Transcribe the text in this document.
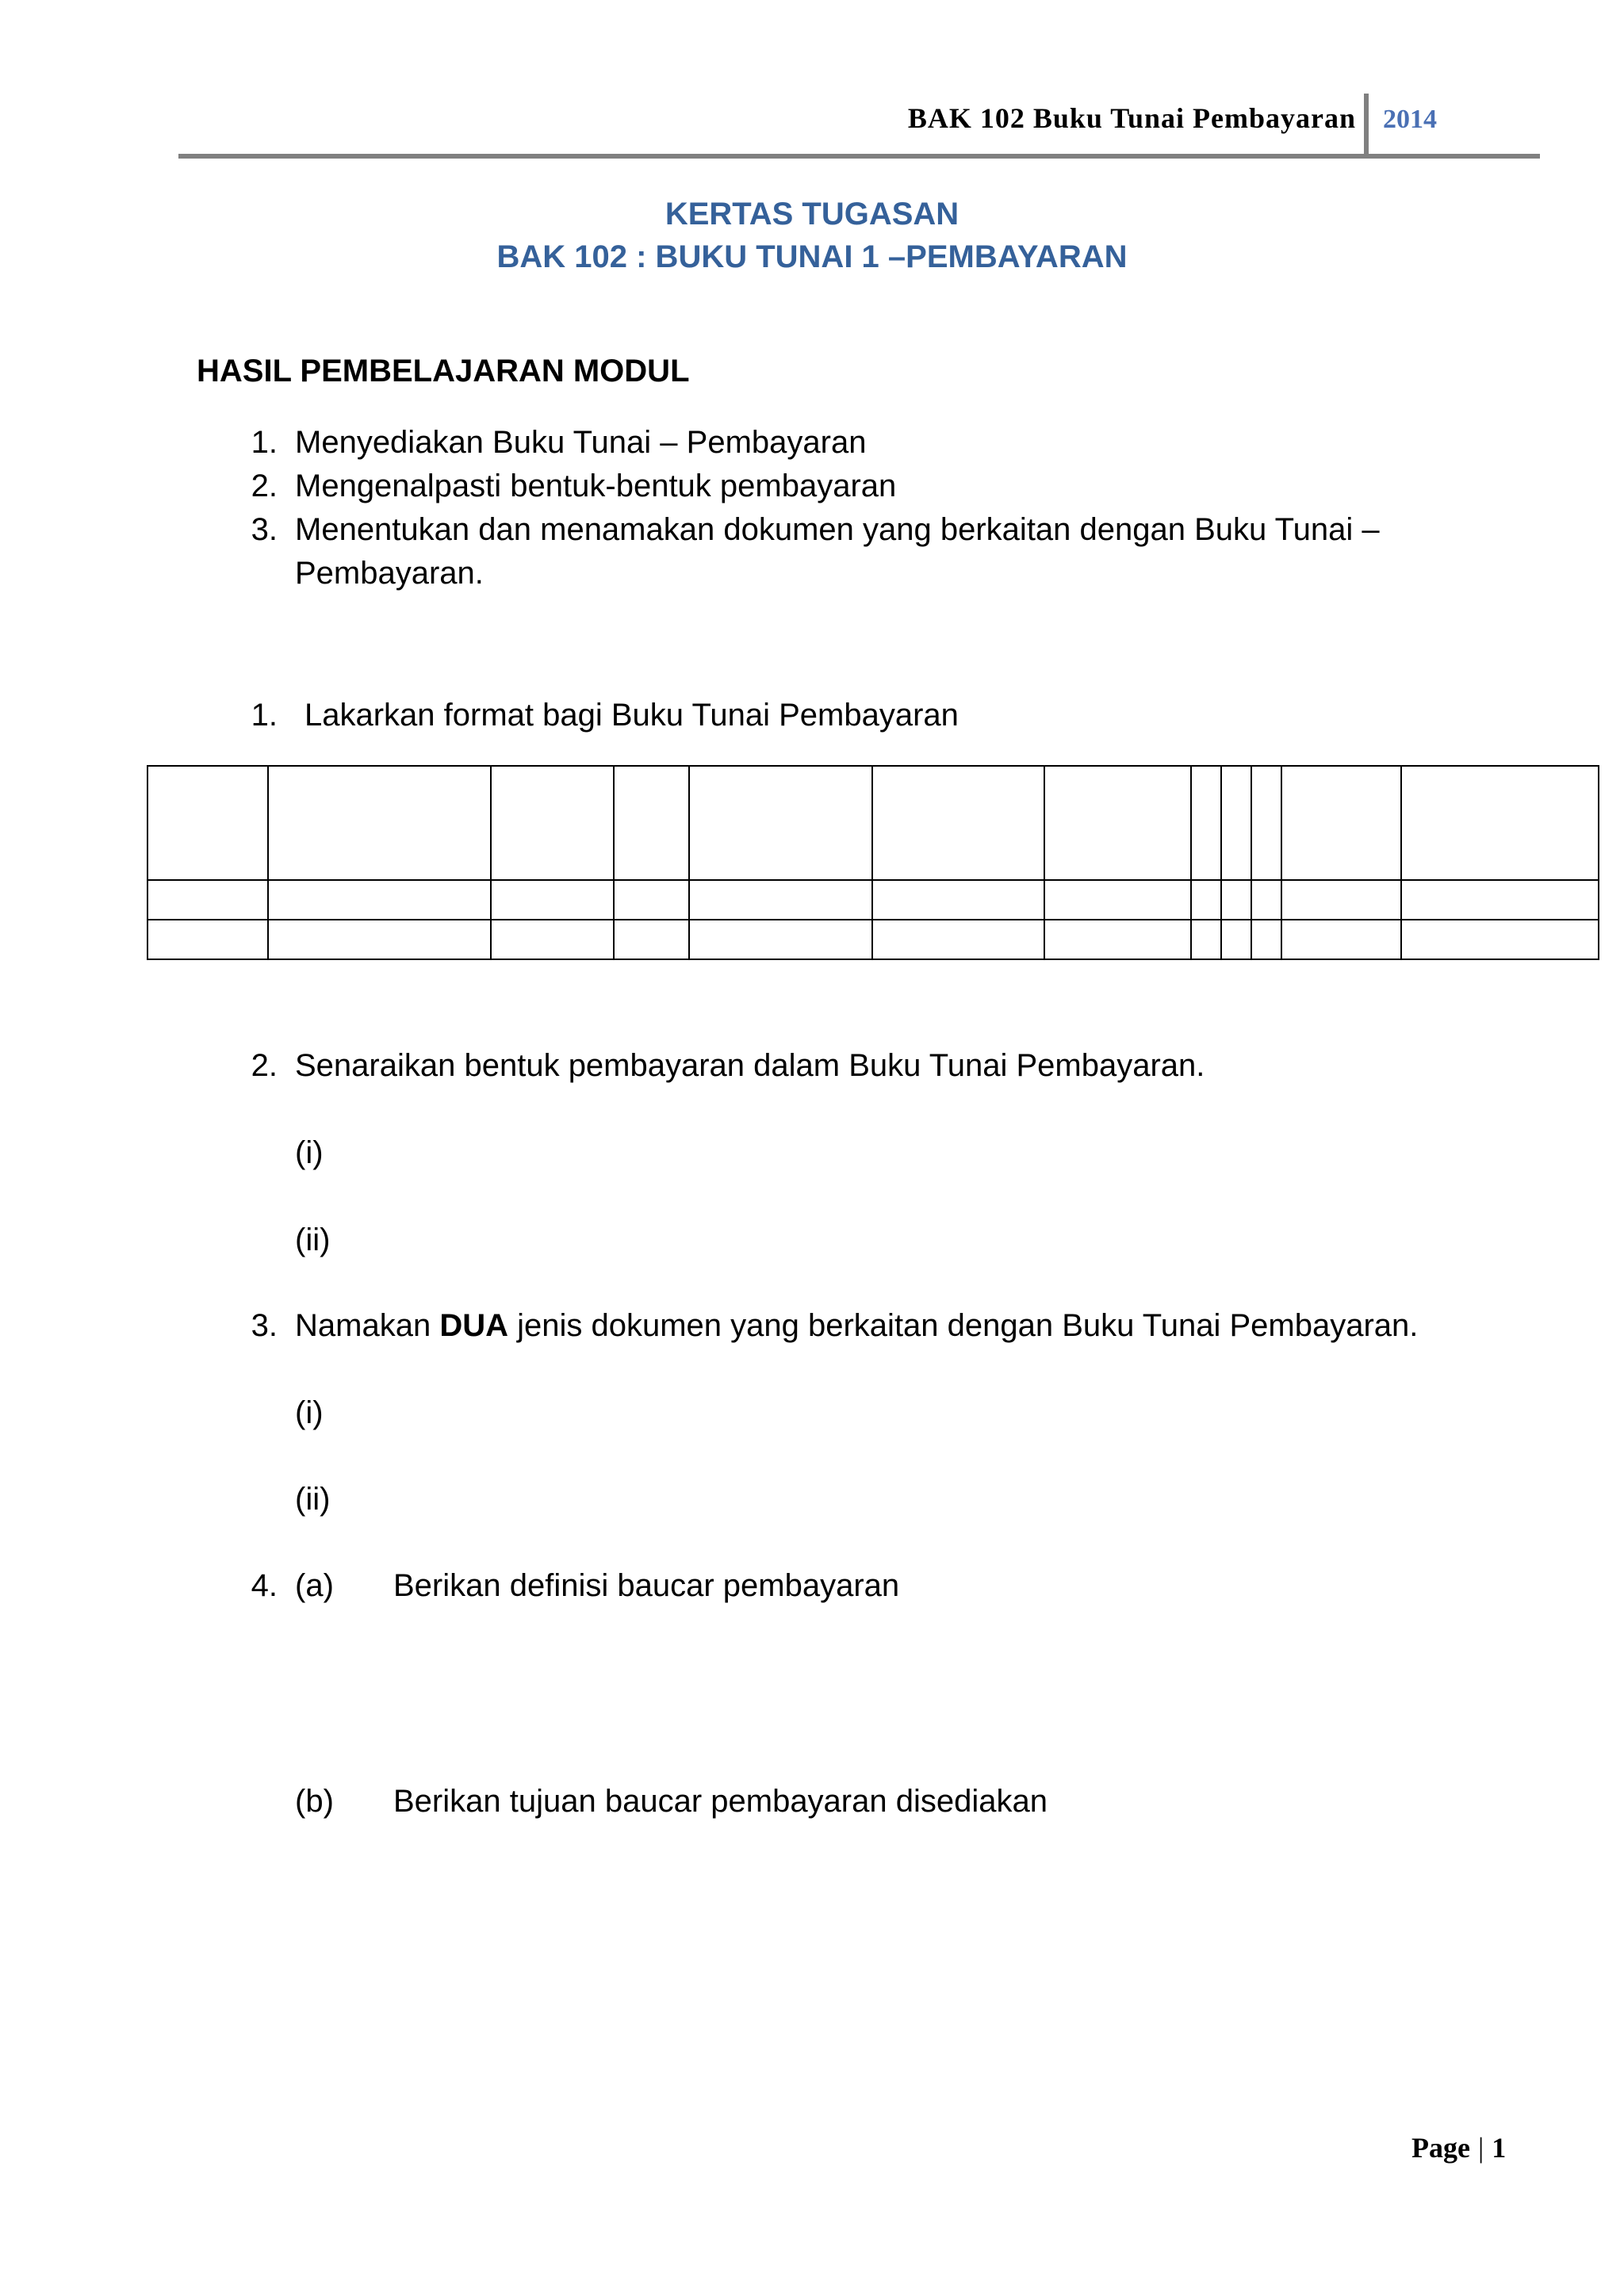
BAK 102 Buku Tunai Pembayaran 2014
KERTAS TUGASAN
BAK 102 : BUKU TUNAI 1 –PEMBAYARAN
HASIL PEMBELAJARAN MODUL
1. Menyediakan Buku Tunai – Pembayaran
2. Mengenalpasti bentuk-bentuk pembayaran
3. Menentukan dan menamakan dokumen yang berkaitan dengan Buku Tunai –
Pembayaran.
1. Lakarkan format bagi Buku Tunai Pembayaran

2. Senaraikan bentuk pembayaran dalam Buku Tunai Pembayaran.
(i)
(ii)
3. Namakan DUA jenis dokumen yang berkaitan dengan Buku Tunai Pembayaran.
(i)
(ii)
4. (a) Berikan definisi baucar pembayaran
(b) Berikan tujuan baucar pembayaran disediakan
Page | 1
